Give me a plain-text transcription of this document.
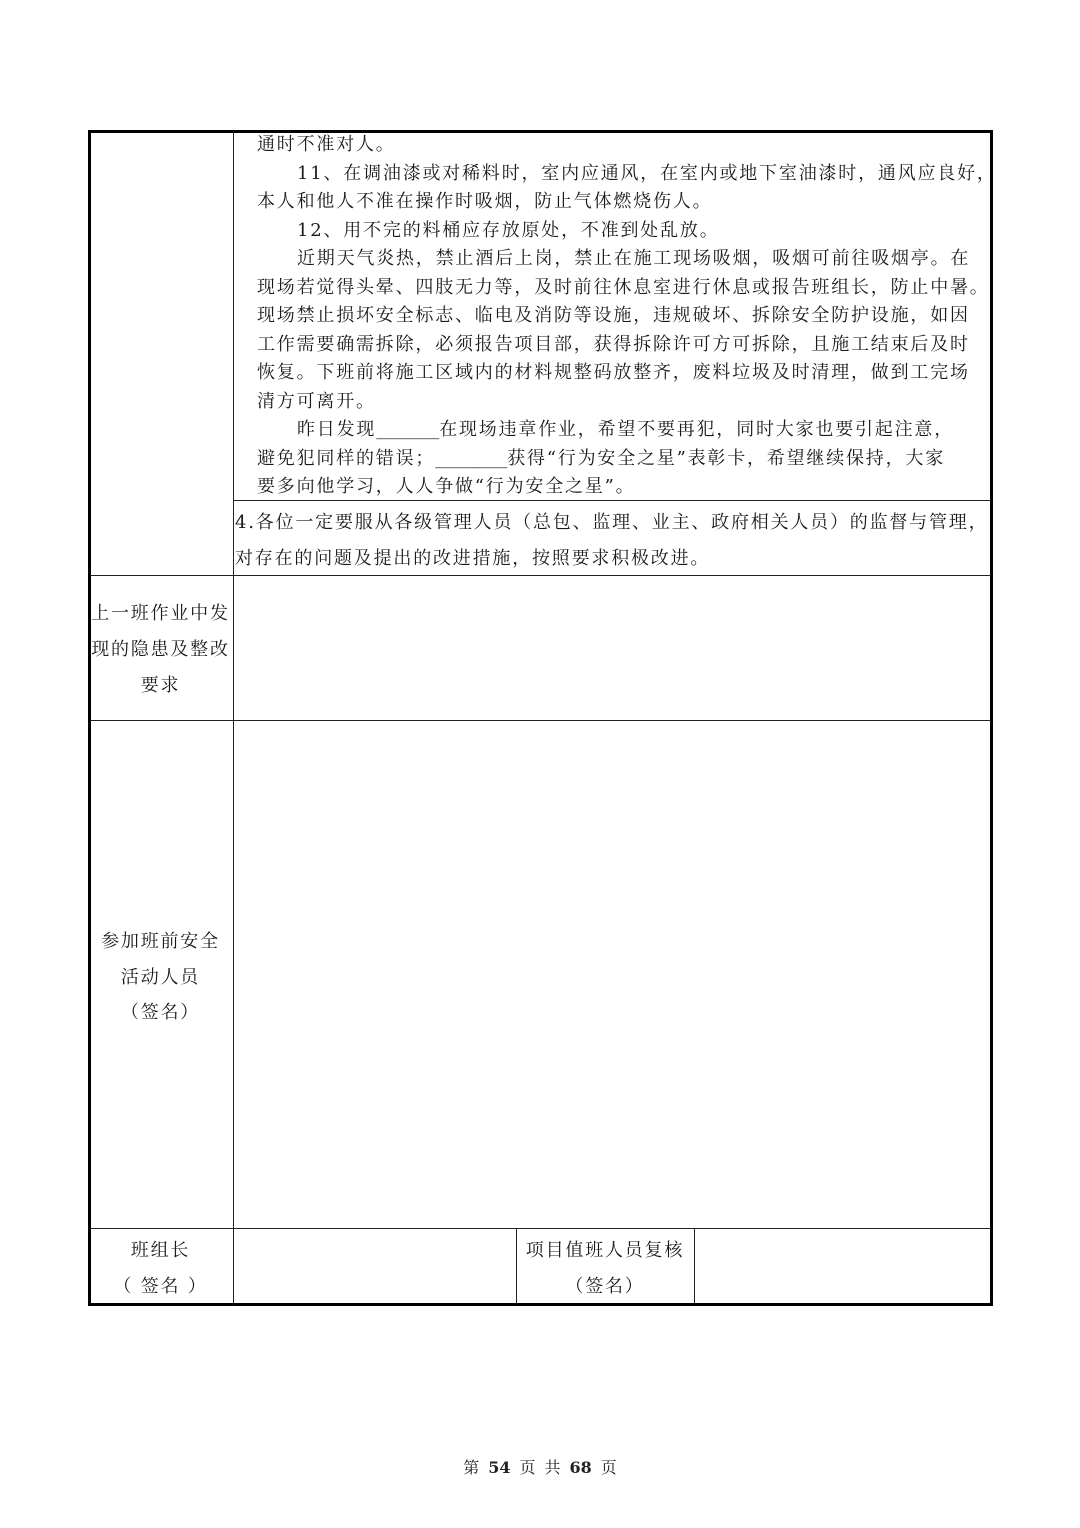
通时不准对人。
11、在调油漆或对稀料时，室内应通风，在室内或地下室油漆时，通风应良好，
本人和他人不准在操作时吸烟，防止气体燃烧伤人。
12、用不完的料桶应存放原处，不准到处乱放。
近期天气炎热，禁止酒后上岗，禁止在施工现场吸烟，吸烟可前往吸烟亭。在
现场若觉得头晕、四肢无力等，及时前往休息室进行休息或报告班组长，防止中暑。
现场禁止损坏安全标志、临电及消防等设施，违规破坏、拆除安全防护设施，如因
工作需要确需拆除，必须报告项目部，获得拆除许可方可拆除，且施工结束后及时
恢复。下班前将施工区域内的材料规整码放整齐，废料垃圾及时清理，做到工完场
清方可离开。
昨日发现_______在现场违章作业，希望不要再犯，同时大家也要引起注意，
避免犯同样的错误；________获得“行为安全之星”表彰卡，希望继续保持，大家
要多向他学习，人人争做“行为安全之星”。
4.各位一定要服从各级管理人员（总包、监理、业主、政府相关人员）的监督与管理，
对存在的问题及提出的改进措施，按照要求积极改进。
上一班作业中发
现的隐患及整改
要求
参加班前安全
活动人员
（签名）
班组长
（ 签名 ）
项目值班人员复核
（签名）
第 54 页 共 68 页
